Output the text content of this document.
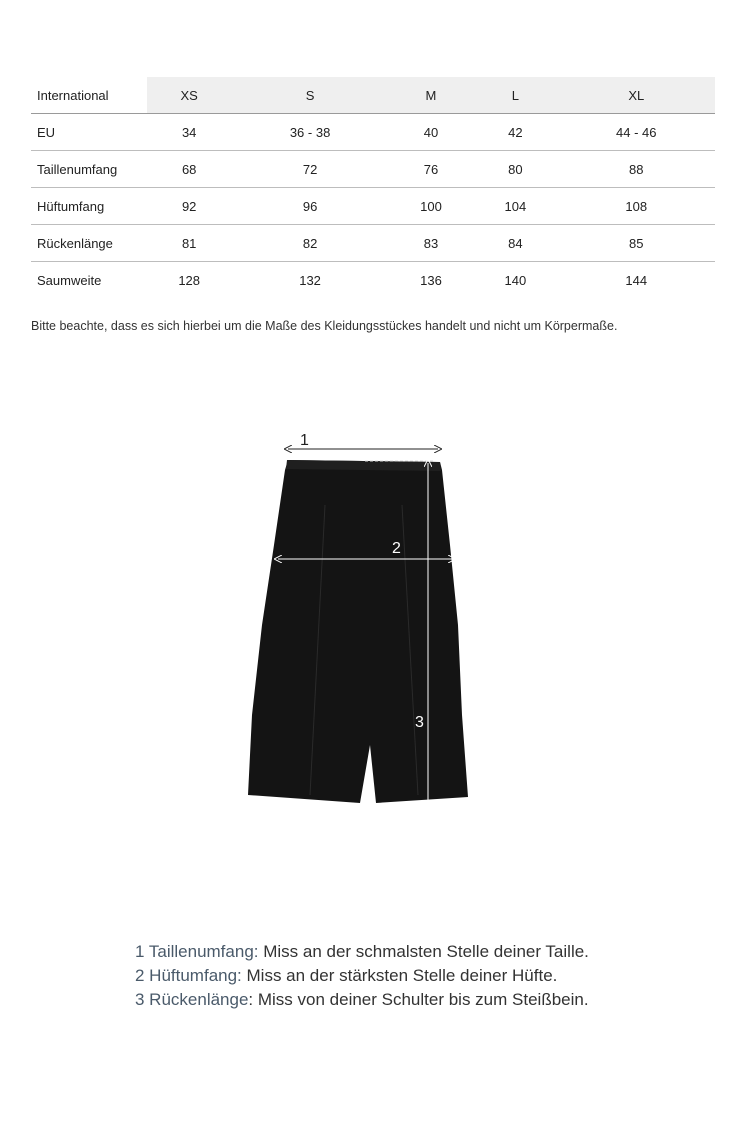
International	XS	S	M	L	XL
EU	34	36 - 38	40	42	44 - 46
Taillenumfang	68	72	76	80	88
Hüftumfang	92	96	100	104	108
Rückenlänge	81	82	83	84	85
Saumweite	128	132	136	140	144
Bitte beachte, dass es sich hierbei um die Maße des Kleidungsstückes handelt und nicht um Körpermaße.
1
2
3
1 Taillenumfang: Miss an der schmalsten Stelle deiner Taille.
2 Hüftumfang: Miss an der stärksten Stelle deiner Hüfte.
3 Rückenlänge: Miss von deiner Schulter bis zum Steißbein.
